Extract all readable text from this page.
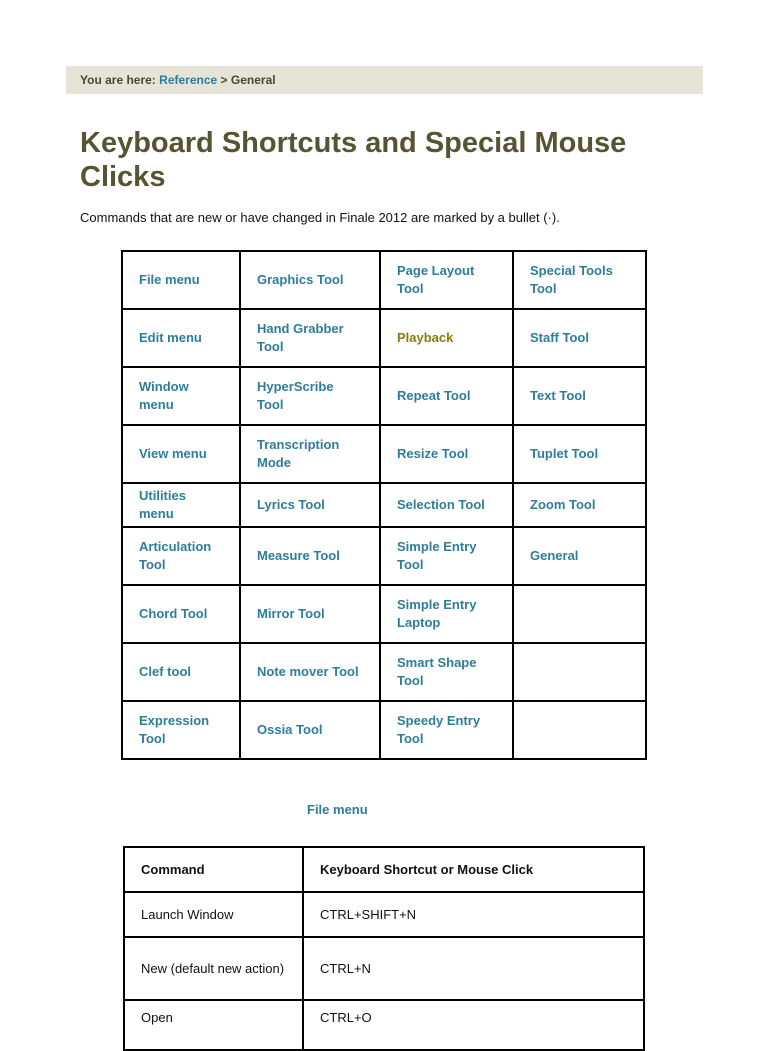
You are here: Reference > General
Keyboard Shortcuts and Special Mouse Clicks

Commands that are new or have changed in Finale 2012 are marked by a bullet (·).

File menu	Graphics Tool	Page Layout Tool	Special Tools Tool
Edit menu	Hand Grabber Tool	Playback	Staff Tool
Window menu	HyperScribe Tool	Repeat Tool	Text Tool
View menu	Transcription Mode	Resize Tool	Tuplet Tool
Utilities menu	Lyrics Tool	Selection Tool	Zoom Tool
Articulation Tool	Measure Tool	Simple Entry Tool	General
Chord Tool	Mirror Tool	Simple Entry Laptop	
Clef tool	Note mover Tool	Smart Shape Tool	
Expression Tool	Ossia Tool	Speedy Entry Tool	
File menu
Command	Keyboard Shortcut or Mouse Click
Launch Window	CTRL+SHIFT+N
New (default new action)	CTRL+N
Open	CTRL+O
